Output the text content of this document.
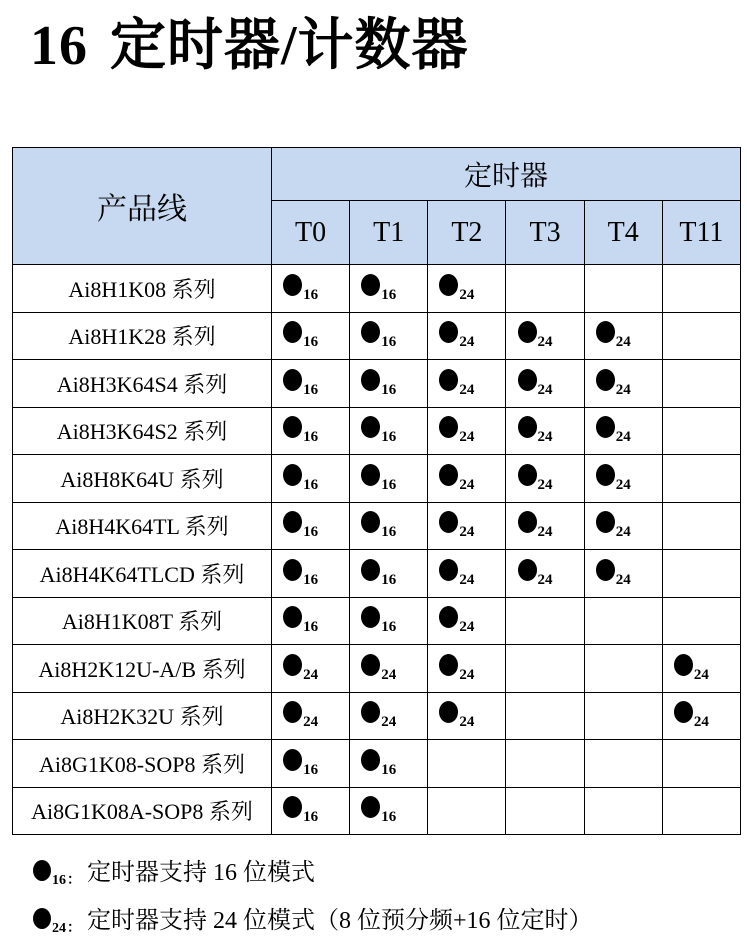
16 定时器/计数器
产品线	定时器					
	T0	T1	T2	T3	T4	T11
Ai8H1K08 系列	$_{16}$	$_{16}$	$_{24}$			
Ai8H1K28 系列	$_{16}$	$_{16}$	$_{24}$	$_{24}$	$_{24}$	
Ai8H3K64S4 系列	$_{16}$	$_{16}$	$_{24}$	$_{24}$	$_{24}$	
Ai8H3K64S2 系列	$_{16}$	$_{16}$	$_{24}$	$_{24}$	$_{24}$	
Ai8H8K64U 系列	$_{16}$	$_{16}$	$_{24}$	$_{24}$	$_{24}$	
Ai8H4K64TL 系列	$_{16}$	$_{16}$	$_{24}$	$_{24}$	$_{24}$	
Ai8H4K64TLCD 系列	$_{16}$	$_{16}$	$_{24}$	$_{24}$	$_{24}$	
Ai8H1K08T 系列	$_{16}$	$_{16}$	$_{24}$			
Ai8H2K12U-A/B 系列	$_{24}$	$_{24}$	$_{24}$			$_{24}$
Ai8H2K32U 系列	$_{24}$	$_{24}$	$_{24}$			$_{24}$
Ai8G1K08-SOP8 系列	$_{16}$	$_{16}$				
Ai8G1K08A-SOP8 系列	$_{16}$	$_{16}$				
$_{16:}$ 定时器支持 16 位模式
$_{24:}$ 定时器支持 24 位模式（8 位预分频+16 位定时）
